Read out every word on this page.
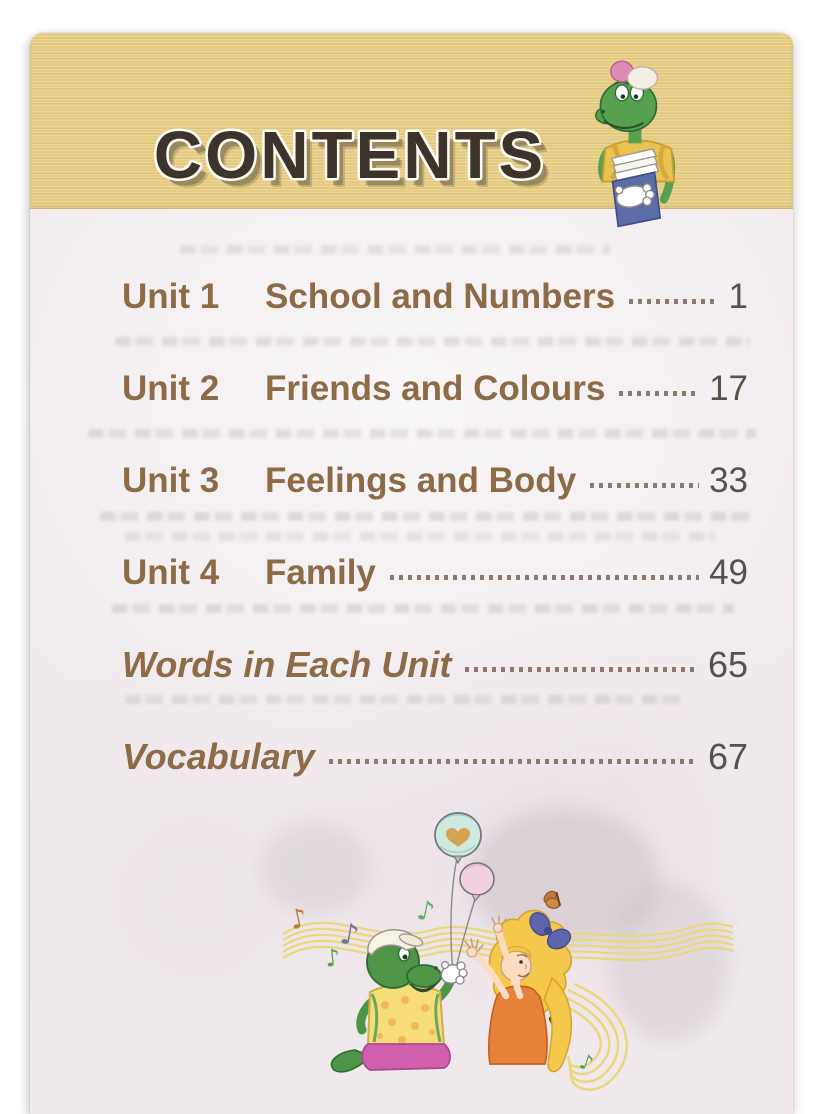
CONTENTS
Unit 1	School and Numbers	1
Unit 2	Friends and Colours	17
Unit 3	Feelings and Body	33
Unit 4	Family	49
Words in Each Unit	65
Vocabulary	67
♪ ♪
♪
♪
♪
